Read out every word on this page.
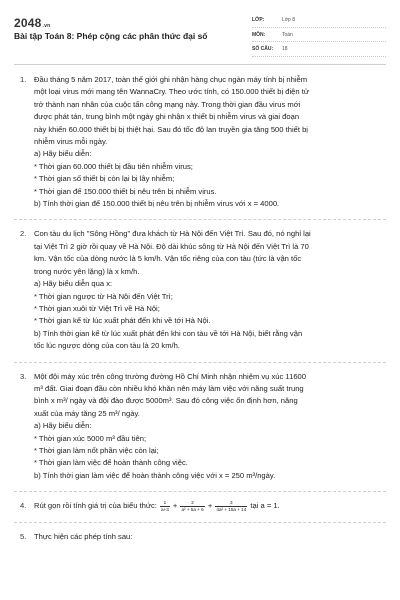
2048.vn
Bài tập Toán 8: Phép cộng các phân thức đại số
LỚP:	Lớp 8
MÔN:	Toán
SỐ CÂU:	18
1.	Đầu tháng 5 năm 2017, toàn thế giới ghi nhận hàng chục ngàn máy tính bị nhiễm
một loại virus mới mang tên WannaCry. Theo ước tính, có 150.000 thiết bị điện tử
trở thành nạn nhân của cuộc tấn công mạng này. Trong thời gian đầu virus mới
được phát tán, trung bình một ngày ghi nhận x thiết bị nhiễm virus và giai đoạn
này khiến 60.000 thiết bị bị thiệt hại. Sau đó tốc độ lan truyền gia tăng 500 thiết bị
nhiễm virus mỗi ngày.
a) Hãy biểu diễn:
* Thời gian 60.000 thiết bị đầu tiên nhiễm virus;
* Thời gian số thiết bị còn lại bị lây nhiễm;
* Thời gian để 150.000 thiết bị nêu trên bị nhiễm virus.
b) Tính thời gian để 150.000 thiết bị nêu trên bị nhiễm virus với x = 4000.
2.	Con tàu du lịch "Sông Hồng" đưa khách từ Hà Nội đến Việt Trì. Sau đó, nó nghỉ lại
tại Việt Trì 2 giờ rồi quay về Hà Nội. Độ dài khúc sông từ Hà Nội đến Việt Trì là 70
km. Vận tốc của dòng nước là 5 km/h. Vận tốc riêng của con tàu (tức là vận tốc
trong nước yên lặng) là x km/h.
a) Hãy biểu diễn qua x:
* Thời gian ngược từ Hà Nội đến Việt Trì;
* Thời gian xuôi từ Việt Trì về Hà Nội;
* Thời gian kể từ lúc xuất phát đến khi về tới Hà Nội.
b) Tính thời gian kể từ lúc xuất phát đến khi con tàu về tới Hà Nội, biết rằng vận
tốc lúc ngược dòng của con tàu là 20 km/h.
3.	Một đội máy xúc trên công trường đường Hồ Chí Minh nhận nhiệm vụ xúc 11600
m³ đất. Giai đoạn đầu còn nhiều khó khăn nên máy làm việc với năng suất trung
bình x m³/ ngày và đội đào được 5000m³. Sau đó công việc ổn định hơn, năng
xuất của máy tăng 25 m³/ ngày.
a) Hãy biểu diễn:
* Thời gian xúc 5000 m³ đầu tiên;
* Thời gian làm nốt phần việc còn lại;
* Thời gian làm việc để hoàn thành công việc.
b) Tính thời gian làm việc để hoàn thành công việc với x = 250 m³/ngày.
4.	Rút gọn rồi tính giá trị của biểu thức: $\frac{1}{a+3} + \frac{2}{\text{a² + 5a + 6}} + \frac{3}{\text{4a² + 15a + 14}}$ tại a = 1.
5.	Thực hiện các phép tính sau:
